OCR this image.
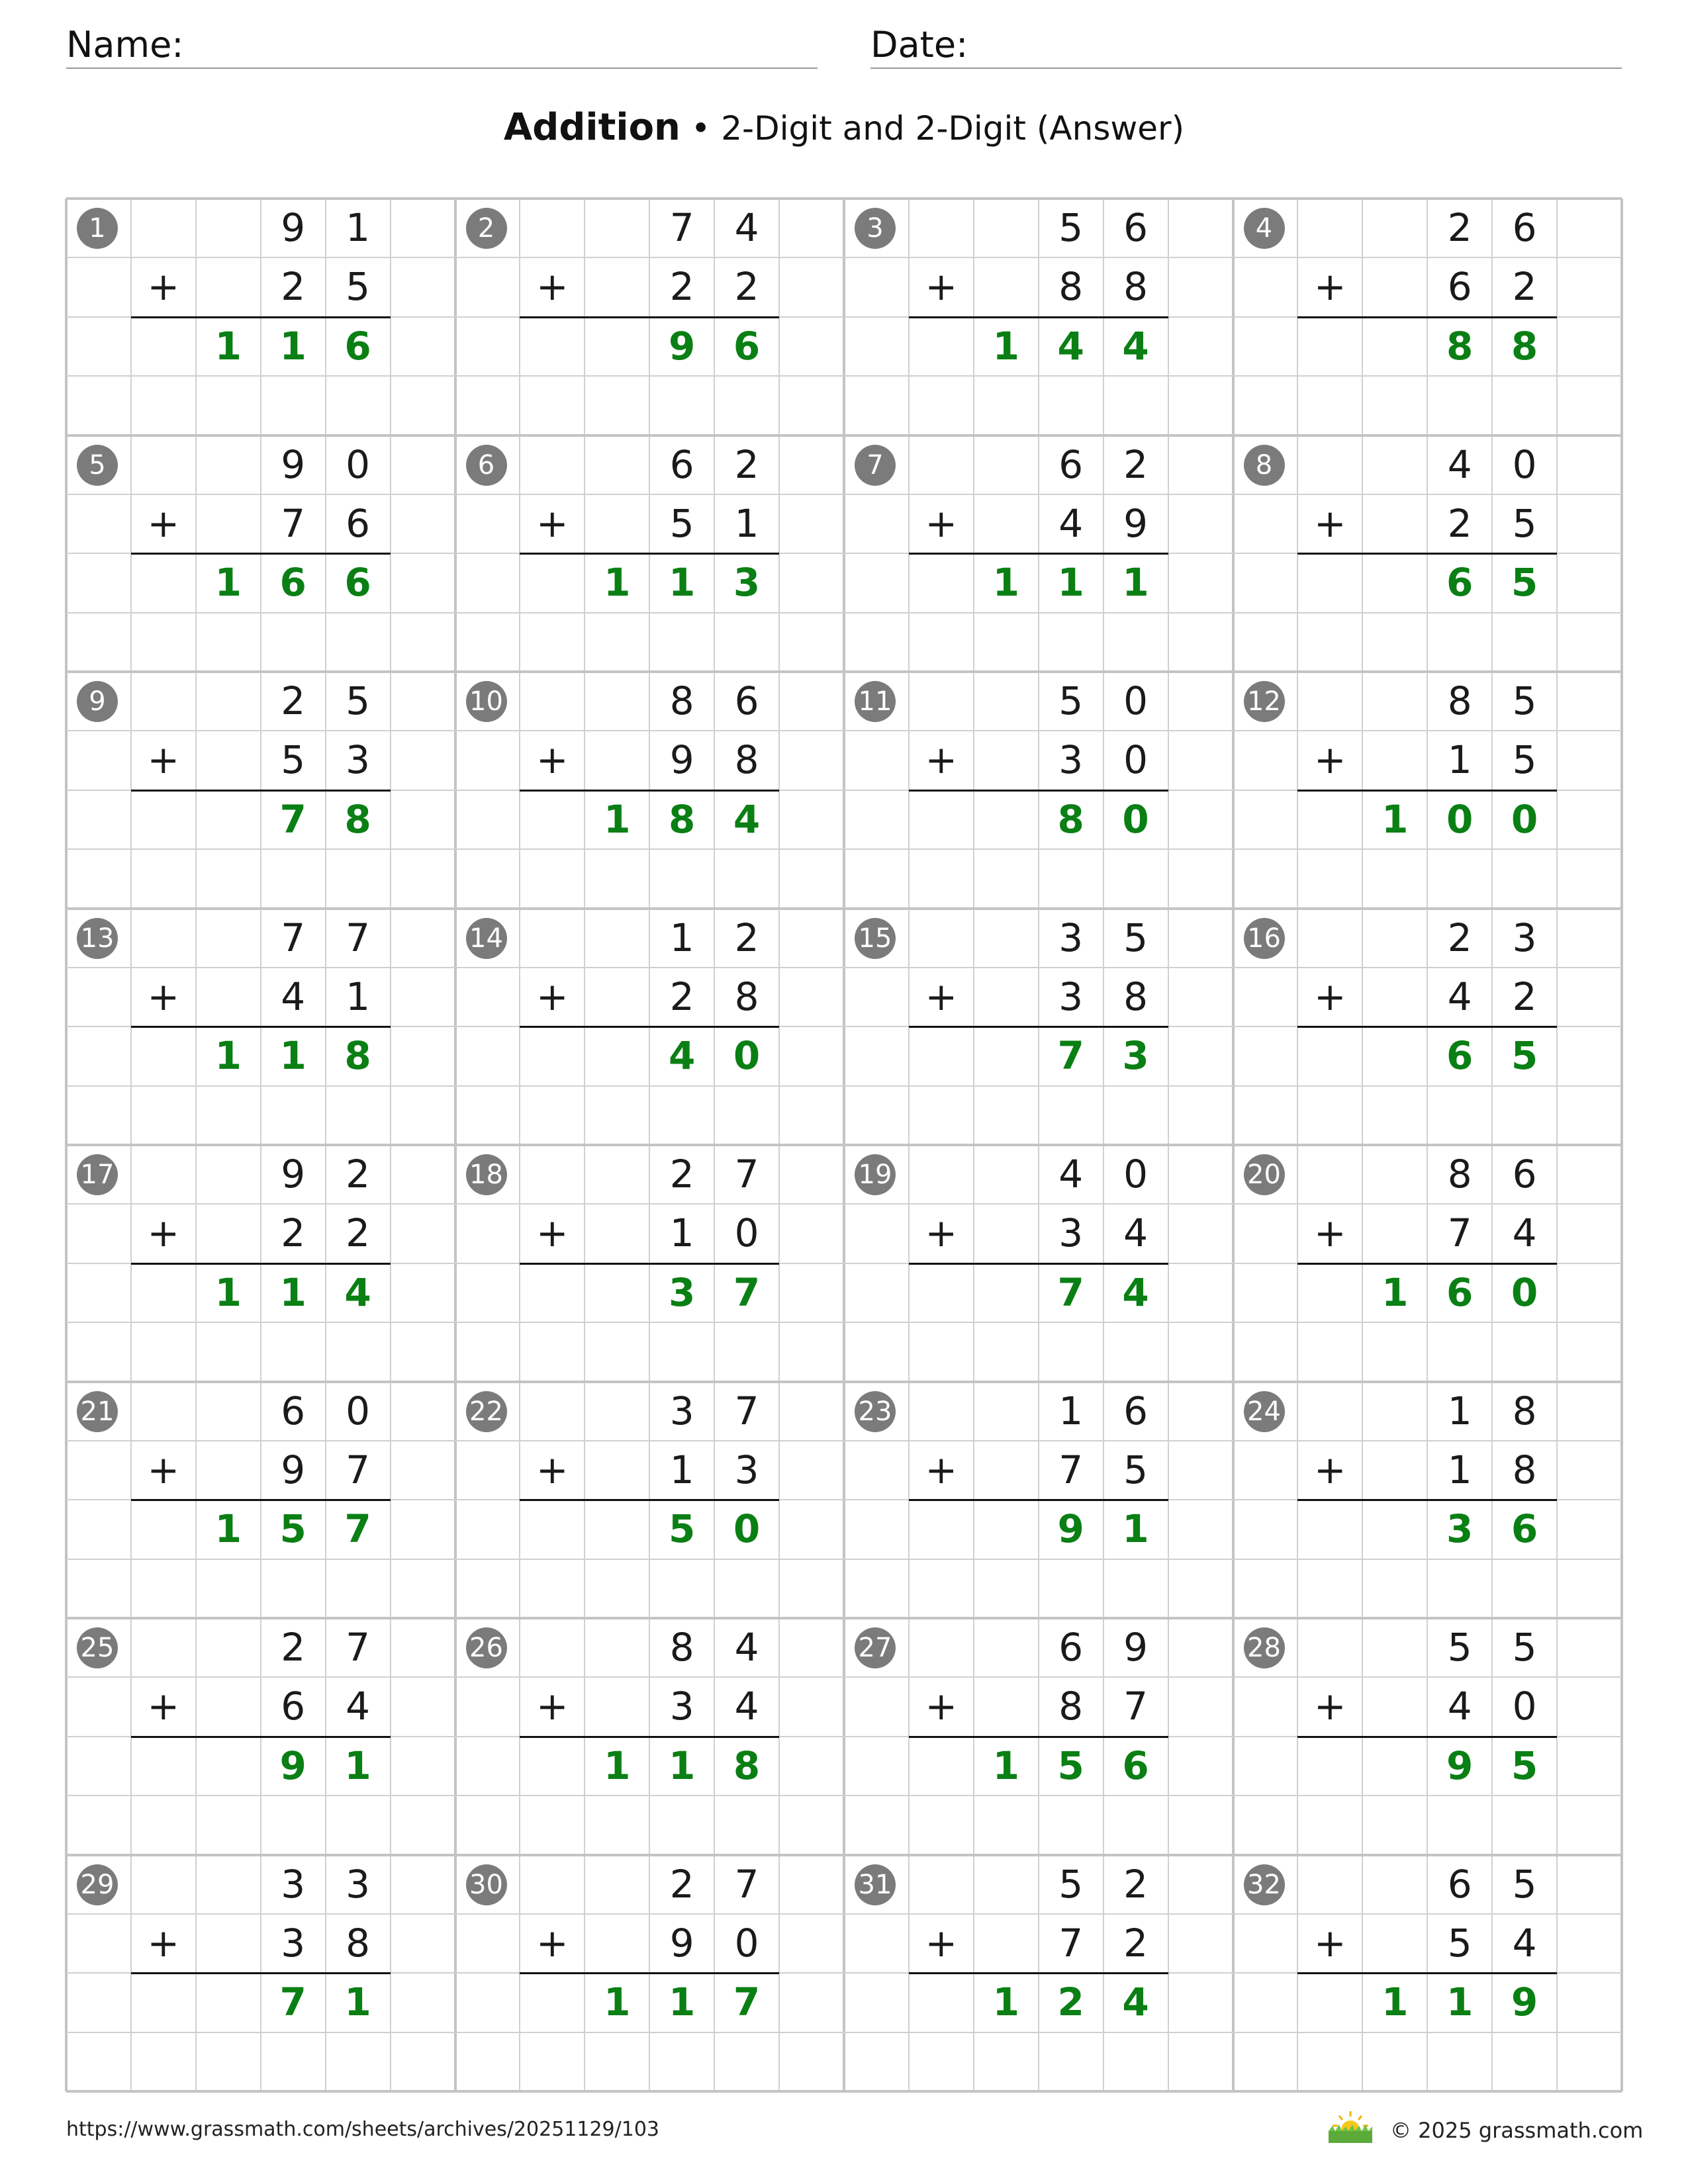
Name:	Date:
Addition • 2-Digit and 2-Digit (Answer)
1	9	1
+	2	5
1 1 6
2	7	4
+	2	2
9 6
3	5	6
+	8	8
1 4 4
4	2	6
+	6	2
8 8
5	9	0
+	7	6
1 6 6
6	6	2
+	5	1
1 1 3
7	6	2
+	4	9
1 1 1
8	4	0
+	2	5
6 5
9	2	5
+	5	3
7 8
10	8	6
+	9	8
1 8 4
11	5	0
+	3	0
8 0
12	8	5
+	1	5
1 0 0
13	7	7
+	4	1
1 1 8
14	1	2
+	2	8
4 0
15	3	5
+	3	8
7 3
16	2	3
+	4	2
6 5
17	9	2
+	2	2
1 1 4
18	2	7
+	1	0
3 7
19	4	0
+	3	4
7 4
20	8	6
+	7	4
1 6 0
21	6	0
+	9	7
1 5 7
22	3	7
+	1	3
5 0
23	1	6
+	7	5
9 1
24	1	8
+	1	8
3 6
25	2	7
+	6	4
9 1
26	8	4
+	3	4
1 1 8
27	6	9
+	8	7
1 5 6
28	5	5
+	4	0
9 5
29	3	3
+	3	8
7 1
30	2	7
+	9	0
1 1 7
31	5	2
+	7	2
1 2 4
32	6	5
+	5	4
1 1 9
https://www.grassmath.com/sheets/archives/20251129/103	© 2025 grassmath.com
